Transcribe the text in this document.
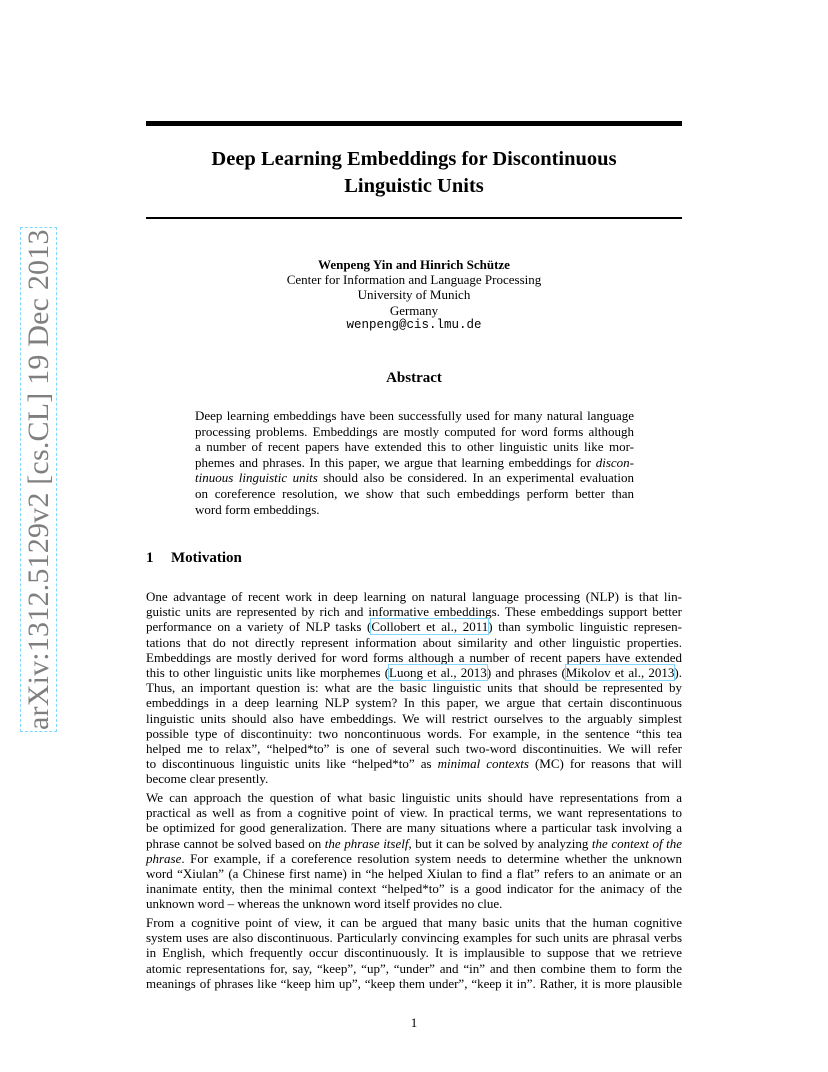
arXiv:1312.5129v2 [cs.CL] 19 Dec 2013
Deep Learning Embeddings for Discontinuous
Linguistic Units
Wenpeng Yin and Hinrich Schütze
Center for Information and Language Processing
University of Munich
Germany
wenpeng@cis.lmu.de
Abstract
Deep learning embeddings have been successfully used for many natural language
processing problems. Embeddings are mostly computed for word forms although
a number of recent papers have extended this to other linguistic units like mor-
phemes and phrases. In this paper, we argue that learning embeddings for discon-
tinuous linguistic units should also be considered. In an experimental evaluation
on coreference resolution, we show that such embeddings perform better than
word form embeddings.
1 Motivation
One advantage of recent work in deep learning on natural language processing (NLP) is that lin-
guistic units are represented by rich and informative embeddings. These embeddings support better
performance on a variety of NLP tasks (Collobert et al., 2011) than symbolic linguistic represen-
tations that do not directly represent information about similarity and other linguistic properties.
Embeddings are mostly derived for word forms although a number of recent papers have extended
this to other linguistic units like morphemes (Luong et al., 2013) and phrases (Mikolov et al., 2013).
Thus, an important question is: what are the basic linguistic units that should be represented by
embeddings in a deep learning NLP system? In this paper, we argue that certain discontinuous
linguistic units should also have embeddings. We will restrict ourselves to the arguably simplest
possible type of discontinuity: two noncontinuous words. For example, in the sentence “this tea
helped me to relax”, “helped*to” is one of several such two-word discontinuities. We will refer
to discontinuous linguistic units like “helped*to” as minimal contexts (MC) for reasons that will
become clear presently.
We can approach the question of what basic linguistic units should have representations from a
practical as well as from a cognitive point of view. In practical terms, we want representations to
be optimized for good generalization. There are many situations where a particular task involving a
phrase cannot be solved based on the phrase itself, but it can be solved by analyzing the context of the
phrase. For example, if a coreference resolution system needs to determine whether the unknown
word “Xiulan” (a Chinese first name) in “he helped Xiulan to find a flat” refers to an animate or an
inanimate entity, then the minimal context “helped*to” is a good indicator for the animacy of the
unknown word – whereas the unknown word itself provides no clue.
From a cognitive point of view, it can be argued that many basic units that the human cognitive
system uses are also discontinuous. Particularly convincing examples for such units are phrasal verbs
in English, which frequently occur discontinuously. It is implausible to suppose that we retrieve
atomic representations for, say, “keep”, “up”, “under” and “in” and then combine them to form the
meanings of phrases like “keep him up”, “keep them under”, “keep it in”. Rather, it is more plausible
1
